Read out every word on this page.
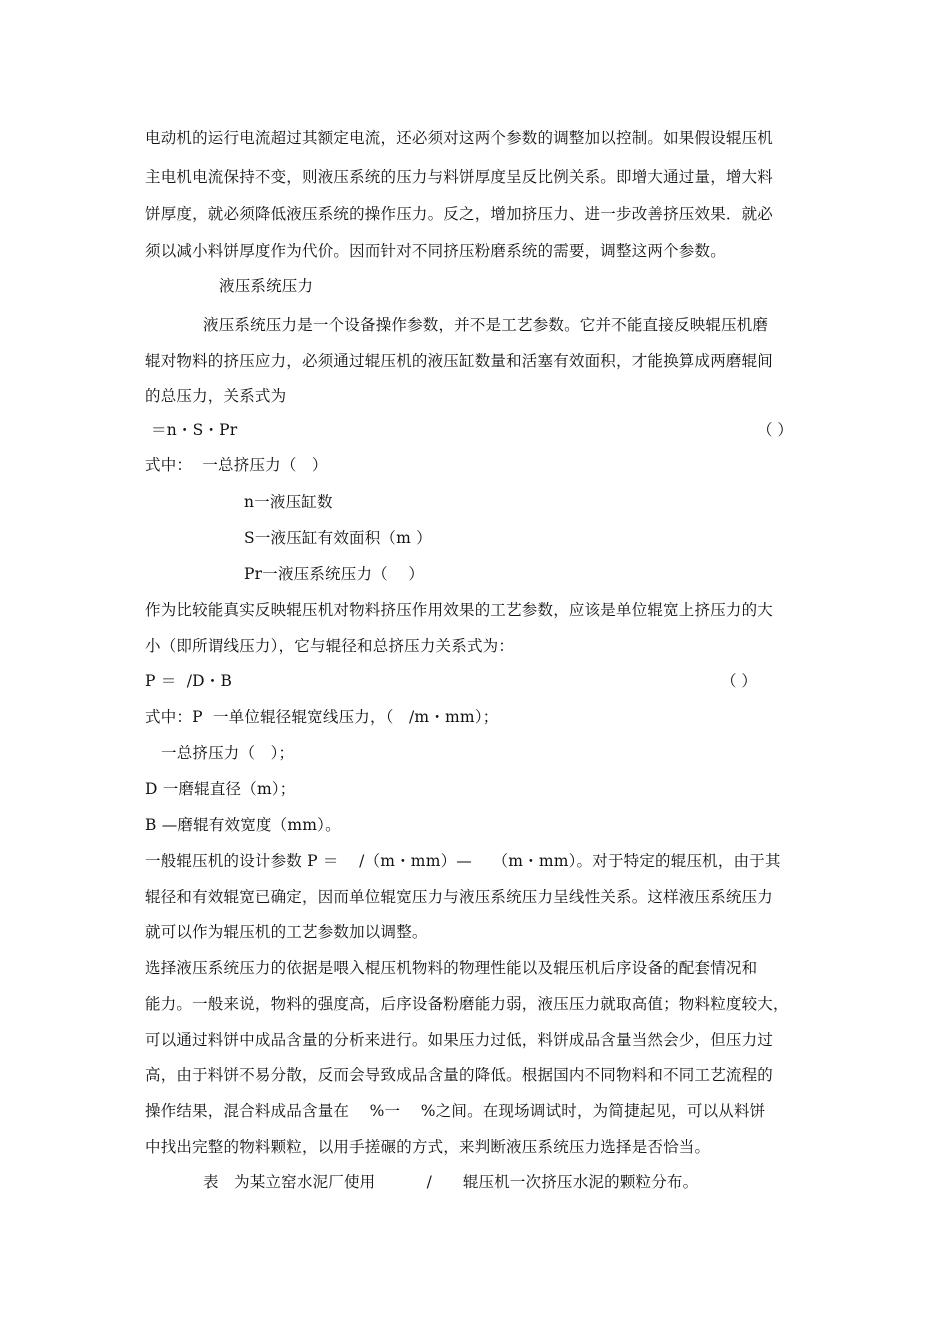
电动机的运行电流超过其额定电流，还必须对这两个参数的调整加以控制。如果假设辊压机
主电机电流保持不变，则液压系统的压力与料饼厚度呈反比例关系。即增大通过量，增大料
饼厚度，就必须降低液压系统的操作压力。反之，增加挤压力、进一步改善挤压效果．就必
须以减小料饼厚度作为代价。因而针对不同挤压粉磨系统的需要，调整这两个参数。
液压系统压力
液压系统压力是一个设备操作参数，并不是工艺参数。它并不能直接反映辊压机磨
辊对物料的挤压应力，必须通过辊压机的液压缸数量和活塞有效面积，才能换算成两磨辊间
的总压力，关系式为
＝n・S・Pr	（ ）
式中：  一总挤压力（   ）
n一液压缸数
S一液压缸有效面积（m ）
Pr一液压系统压力（    ）
作为比较能真实反映辊压机对物料挤压作用效果的工艺参数，应该是单位辊宽上挤压力的大
小（即所谓线压力），它与辊径和总挤压力关系式为：
P ＝  /D・B	（ ）
式中：P  一单位辊径辊宽线压力，（   /m・mm）；
一总挤压力（   ）；
D 一磨辊直径（m）；
B —磨辊有效宽度（mm）。
一般辊压机的设计参数 P ＝    /（m・mm）—    （m・mm）。对于特定的辊压机，由于其
辊径和有效辊宽已确定，因而单位辊宽压力与液压系统压力呈线性关系。这样液压系统压力
就可以作为辊压机的工艺参数加以调整。
选择液压系统压力的依据是喂入棍压机物料的物理性能以及辊压机后序设备的配套情况和
能力。一般来说，物料的强度高，后序设备粉磨能力弱，液压压力就取高值；物料粒度较大，
可以通过料饼中成品含量的分析来进行。如果压力过低，料饼成品含量当然会少，但压力过
高，由于料饼不易分散，反而会导致成品含量的降低。根据国内不同物料和不同工艺流程的
操作结果，混合料成品含量在    %一    %之间。在现场调试时，为简捷起见，可以从料饼
中找出完整的物料颗粒，以用手搓碾的方式，来判断液压系统压力选择是否恰当。
表   为某立窑水泥厂使用          /      辊压机一次挤压水泥的颗粒分布。
